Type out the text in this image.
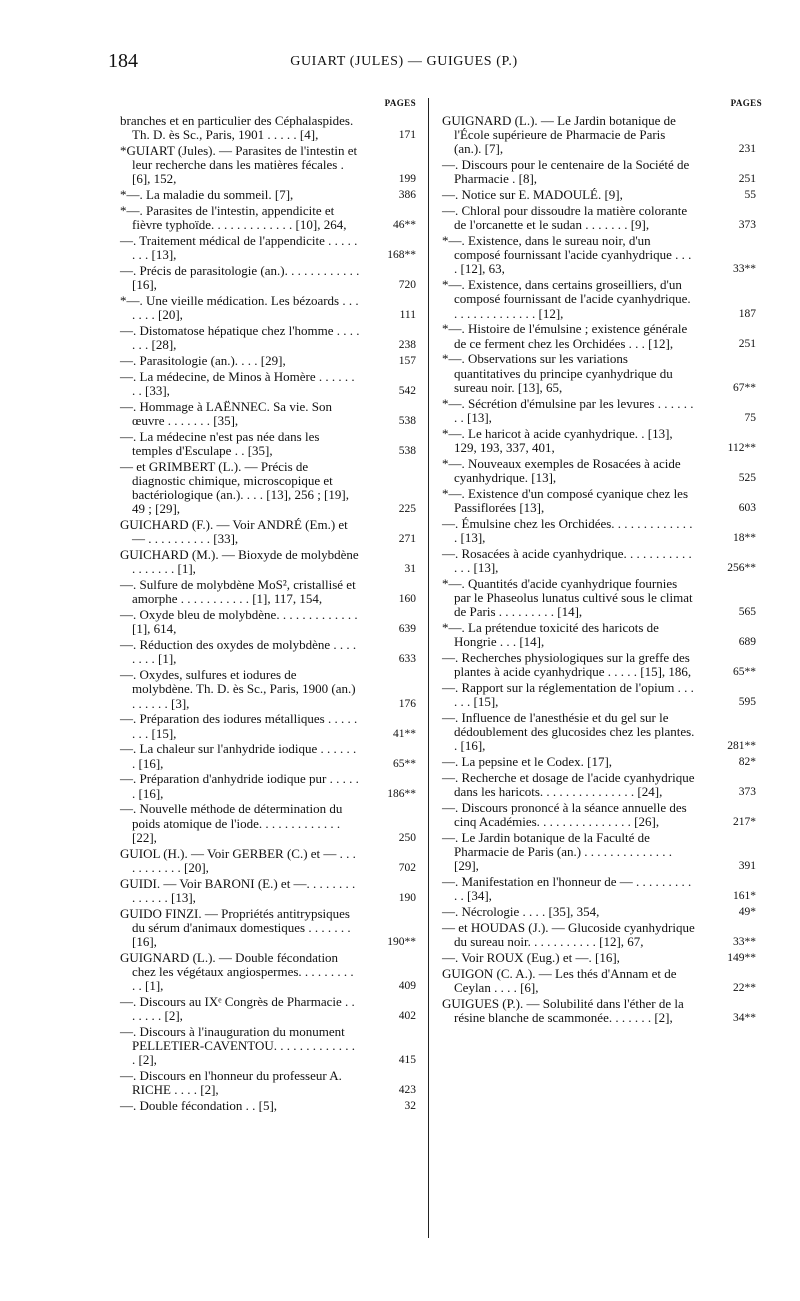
184	GUIART (JULES) — GUIGUES (P.)
PAGES
branches et en particulier des Céphalaspides. Th. D. ès Sc., Paris, 1901 . . . . . [4],	171
*GUIART (Jules). — Parasites de l'intestin et leur recherche dans les matières fécales . [6], 152,	199
*—. La maladie du sommeil. [7],	386
*—. Parasites de l'intestin, appendicite et fièvre typhoïde. . . . . . . . . . . . . [10], 264,	46**
—. Traitement médical de l'appendicite . . . . . . . . [13],	168**
—. Précis de parasitologie (an.). . . . . . . . . . . . [16],	720
*—. Une vieille médication. Les bézoards . . . . . . . [20],	111
—. Distomatose hépatique chez l'homme . . . . . . . [28],	238
—. Parasitologie (an.). . . . [29],	157
—. La médecine, de Minos à Homère . . . . . . . . [33],	542
—. Hommage à LAËNNEC. Sa vie. Son œuvre . . . . . . . [35],	538
—. La médecine n'est pas née dans les temples d'Esculape . . [35],	538
— et GRIMBERT (L.). — Précis de diagnostic chimique, microscopique et bactériologique (an.). . . . [13], 256 ; [19], 49 ; [29],	225
GUICHARD (F.). — Voir ANDRÉ (Em.) et — . . . . . . . . . . [33],	271
GUICHARD (M.). — Bioxyde de molybdène . . . . . . . [1],	31
—. Sulfure de molybdène MoS², cristallisé et amorphe . . . . . . . . . . . [1], 117, 154,	160
—. Oxyde bleu de molybdène. . . . . . . . . . . . . [1], 614,	639
—. Réduction des oxydes de molybdène . . . . . . . . [1],	633
—. Oxydes, sulfures et iodures de molybdène. Th. D. ès Sc., Paris, 1900 (an.) . . . . . . [3],	176
—. Préparation des iodures métalliques . . . . . . . . [15],	41**
—. La chaleur sur l'anhydride iodique . . . . . . . [16],	65**
—. Préparation d'anhydride iodique pur . . . . . . [16],	186**
—. Nouvelle méthode de détermination du poids atomique de l'iode. . . . . . . . . . . . . [22],	250
GUIOL (H.). — Voir GERBER (C.) et — . . . . . . . . . . . [20],	702
GUIDI. — Voir BARONI (E.) et —. . . . . . . . . . . . . . [13],	190
GUIDO FINZI. — Propriétés antitrypsiques du sérum d'animaux domestiques . . . . . . . [16],	190**
GUIGNARD (L.). — Double fécondation chez les végétaux angiospermes. . . . . . . . . . . [1],	409
—. Discours au IXᵉ Congrès de Pharmacie . . . . . . . [2],	402
—. Discours à l'inauguration du monument PELLETIER-CAVENTOU. . . . . . . . . . . . . . [2],	415
—. Discours en l'honneur du professeur A. RICHE . . . . [2],	423
—. Double fécondation . . [5],	32
PAGES
GUIGNARD (L.). — Le Jardin botanique de l'École supérieure de Pharmacie de Paris (an.). [7],	231
—. Discours pour le centenaire de la Société de Pharmacie . [8],	251
—. Notice sur E. MADOULÉ. [9],	55
—. Chloral pour dissoudre la matière colorante de l'orcanette et le sudan . . . . . . . [9],	373
*—. Existence, dans le sureau noir, d'un composé fournissant l'acide cyanhydrique . . . . [12], 63,	33**
*—. Existence, dans certains groseilliers, d'un composé fournissant de l'acide cyanhydrique. . . . . . . . . . . . . . [12],	187
*—. Histoire de l'émulsine ; existence générale de ce ferment chez les Orchidées . . . [12],	251
*—. Observations sur les variations quantitatives du principe cyanhydrique du sureau noir. [13], 65,	67**
*—. Sécrétion d'émulsine par les levures . . . . . . . . [13],	75
*—. Le haricot à acide cyanhydrique. . [13], 129, 193, 337, 401,	112**
*—. Nouveaux exemples de Rosacées à acide cyanhydrique. [13],	525
*—. Existence d'un composé cyanique chez les Passiflorées [13],	603
—. Émulsine chez les Orchidées. . . . . . . . . . . . . . [13],	18**
—. Rosacées à acide cyanhydrique. . . . . . . . . . . . . . [13],	256**
*—. Quantités d'acide cyanhydrique fournies par le Phaseolus lunatus cultivé sous le climat de Paris . . . . . . . . . [14],	565
*—. La prétendue toxicité des haricots de Hongrie . . . [14],	689
—. Recherches physiologiques sur la greffe des plantes à acide cyanhydrique . . . . . [15], 186,	65**
—. Rapport sur la réglementation de l'opium . . . . . . [15],	595
—. Influence de l'anesthésie et du gel sur le dédoublement des glucosides chez les plantes. . [16],	281**
—. La pepsine et le Codex. [17],	82*
—. Recherche et dosage de l'acide cyanhydrique dans les haricots. . . . . . . . . . . . . . . [24],	373
—. Discours prononcé à la séance annuelle des cinq Académies. . . . . . . . . . . . . . . [26],	217*
—. Le Jardin botanique de la Faculté de Pharmacie de Paris (an.) . . . . . . . . . . . . . . [29],	391
—. Manifestation en l'honneur de — . . . . . . . . . . . [34],	161*
—. Nécrologie . . . . [35], 354,	49*
— et HOUDAS (J.). — Glucoside cyanhydrique du sureau noir. . . . . . . . . . . [12], 67,	33**
—. Voir ROUX (Eug.) et —. [16],	149**
GUIGON (C. A.). — Les thés d'Annam et de Ceylan . . . . [6],	22**
GUIGUES (P.). — Solubilité dans l'éther de la résine blanche de scammonée. . . . . . . [2],	34**
